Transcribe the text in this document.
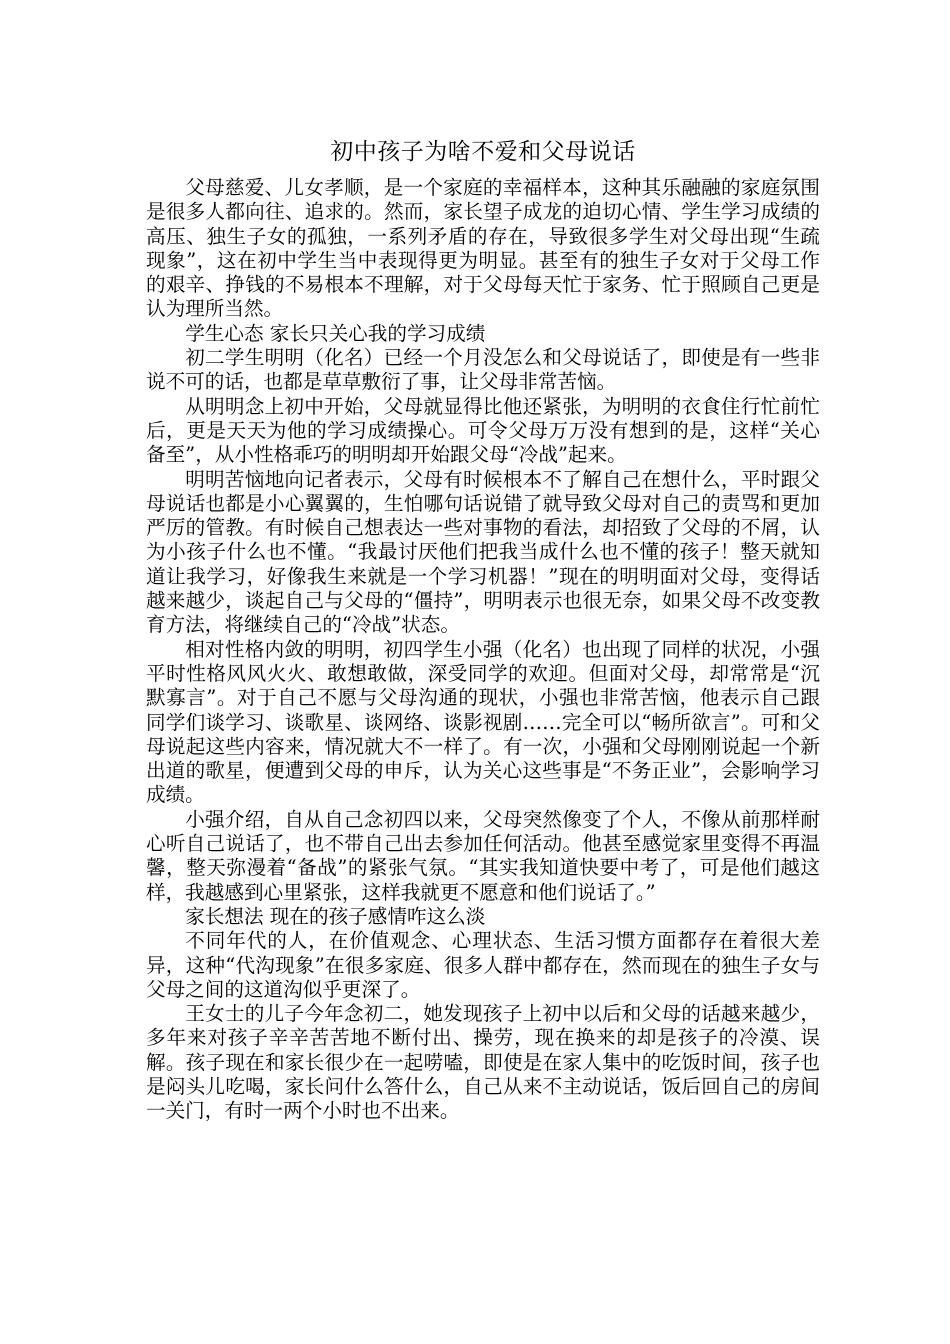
初中孩子为啥不爱和父母说话

父母慈爱、儿女孝顺，是一个家庭的幸福样本，这种其乐融融的家庭氛围是很多人都向往、追求的。然而，家长望子成龙的迫切心情、学生学习成绩的高压、独生子女的孤独，一系列矛盾的存在，导致很多学生对父母出现“生疏现象”，这在初中学生当中表现得更为明显。甚至有的独生子女对于父母工作的艰辛、挣钱的不易根本不理解，对于父母每天忙于家务、忙于照顾自己更是认为理所当然。

学生心态 家长只关心我的学习成绩

初二学生明明（化名）已经一个月没怎么和父母说话了，即使是有一些非说不可的话，也都是草草敷衍了事，让父母非常苦恼。

从明明念上初中开始，父母就显得比他还紧张，为明明的衣食住行忙前忙后，更是天天为他的学习成绩操心。可令父母万万没有想到的是，这样“关心备至”，从小性格乖巧的明明却开始跟父母“冷战”起来。

明明苦恼地向记者表示，父母有时候根本不了解自己在想什么，平时跟父母说话也都是小心翼翼的，生怕哪句话说错了就导致父母对自己的责骂和更加严厉的管教。有时候自己想表达一些对事物的看法，却招致了父母的不屑，认为小孩子什么也不懂。“我最讨厌他们把我当成什么也不懂的孩子！整天就知道让我学习，好像我生来就是一个学习机器！”现在的明明面对父母，变得话越来越少，谈起自己与父母的“僵持”，明明表示也很无奈，如果父母不改变教育方法，将继续自己的“冷战”状态。

相对性格内敛的明明，初四学生小强（化名）也出现了同样的状况，小强平时性格风风火火、敢想敢做，深受同学的欢迎。但面对父母，却常常是“沉默寡言”。对于自己不愿与父母沟通的现状，小强也非常苦恼，他表示自己跟同学们谈学习、谈歌星、谈网络、谈影视剧……完全可以“畅所欲言”。可和父母说起这些内容来，情况就大不一样了。有一次，小强和父母刚刚说起一个新出道的歌星，便遭到父母的申斥，认为关心这些事是“不务正业”，会影响学习成绩。

小强介绍，自从自己念初四以来，父母突然像变了个人，不像从前那样耐心听自己说话了，也不带自己出去参加任何活动。他甚至感觉家里变得不再温馨，整天弥漫着“备战”的紧张气氛。“其实我知道快要中考了，可是他们越这样，我越感到心里紧张，这样我就更不愿意和他们说话了。”

家长想法 现在的孩子感情咋这么淡

不同年代的人，在价值观念、心理状态、生活习惯方面都存在着很大差异，这种“代沟现象”在很多家庭、很多人群中都存在，然而现在的独生子女与父母之间的这道沟似乎更深了。

王女士的儿子今年念初二，她发现孩子上初中以后和父母的话越来越少，多年来对孩子辛辛苦苦地不断付出、操劳，现在换来的却是孩子的冷漠、误解。孩子现在和家长很少在一起唠嗑，即使是在家人集中的吃饭时间，孩子也是闷头儿吃喝，家长问什么答什么，自己从来不主动说话，饭后回自己的房间一关门，有时一两个小时也不出来。
